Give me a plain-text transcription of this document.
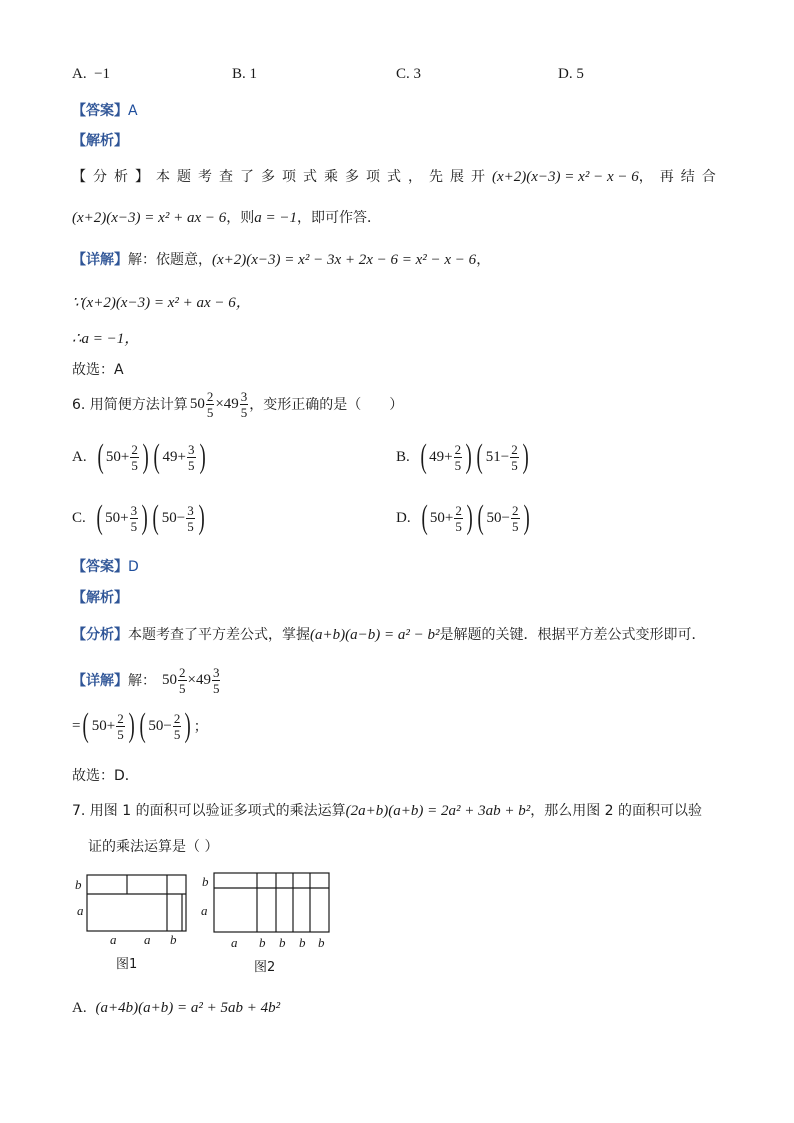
A. −1	B. 1	C. 3	D. 5
【答案】A
【解析】
【分析】本题考查了多项式乘多项式，先展开(x+2)(x−3) = x² − x − 6，再结合
(x+2)(x−3) = x² + ax − 6，则a = −1，即可作答．
【详解】解：依题意，(x+2)(x−3) = x² − 3x + 2x − 6 = x² − x − 6，
∵(x+2)(x−3) = x² + ax − 6，
∴a = −1，
故选：A
6. 用简便方法计算 $50 \frac{2}{5} \times 49 \frac{3}{5}$ ，变形正确的是（　　）
A. ( $50 + \frac{2}{5}$ ) ( $49 + \frac{3}{5}$ )	B. ( $49 + \frac{2}{5}$ ) ( $51 - \frac{2}{5}$ )
C. ( $50 + \frac{3}{5}$ ) ( $50 - \frac{3}{5}$ )	D. ( $50 + \frac{2}{5}$ ) ( $50 - \frac{2}{5}$ )
【答案】D
【解析】
【分析】本题考查了平方差公式，掌握(a+b)(a−b) = a² − b²是解题的关键．根据平方差公式变形即可．
【详解】 解： $50 \frac{2}{5} \times 49 \frac{3}{5}$
= ( $50 + \frac{2}{5}$ ) ( $50 - \frac{2}{5}$ ) ；
故选：D．
7. 用图 1 的面积可以验证多项式的乘法运算(2a+b)(a+b) = 2a² + 3ab + b²，那么用图 2 的面积可以验
证的乘法运算是（ ）
b
a
a a b
图1
b
a
a b b b b
图2
A. (a+4b)(a+b) = a² + 5ab + 4b²
